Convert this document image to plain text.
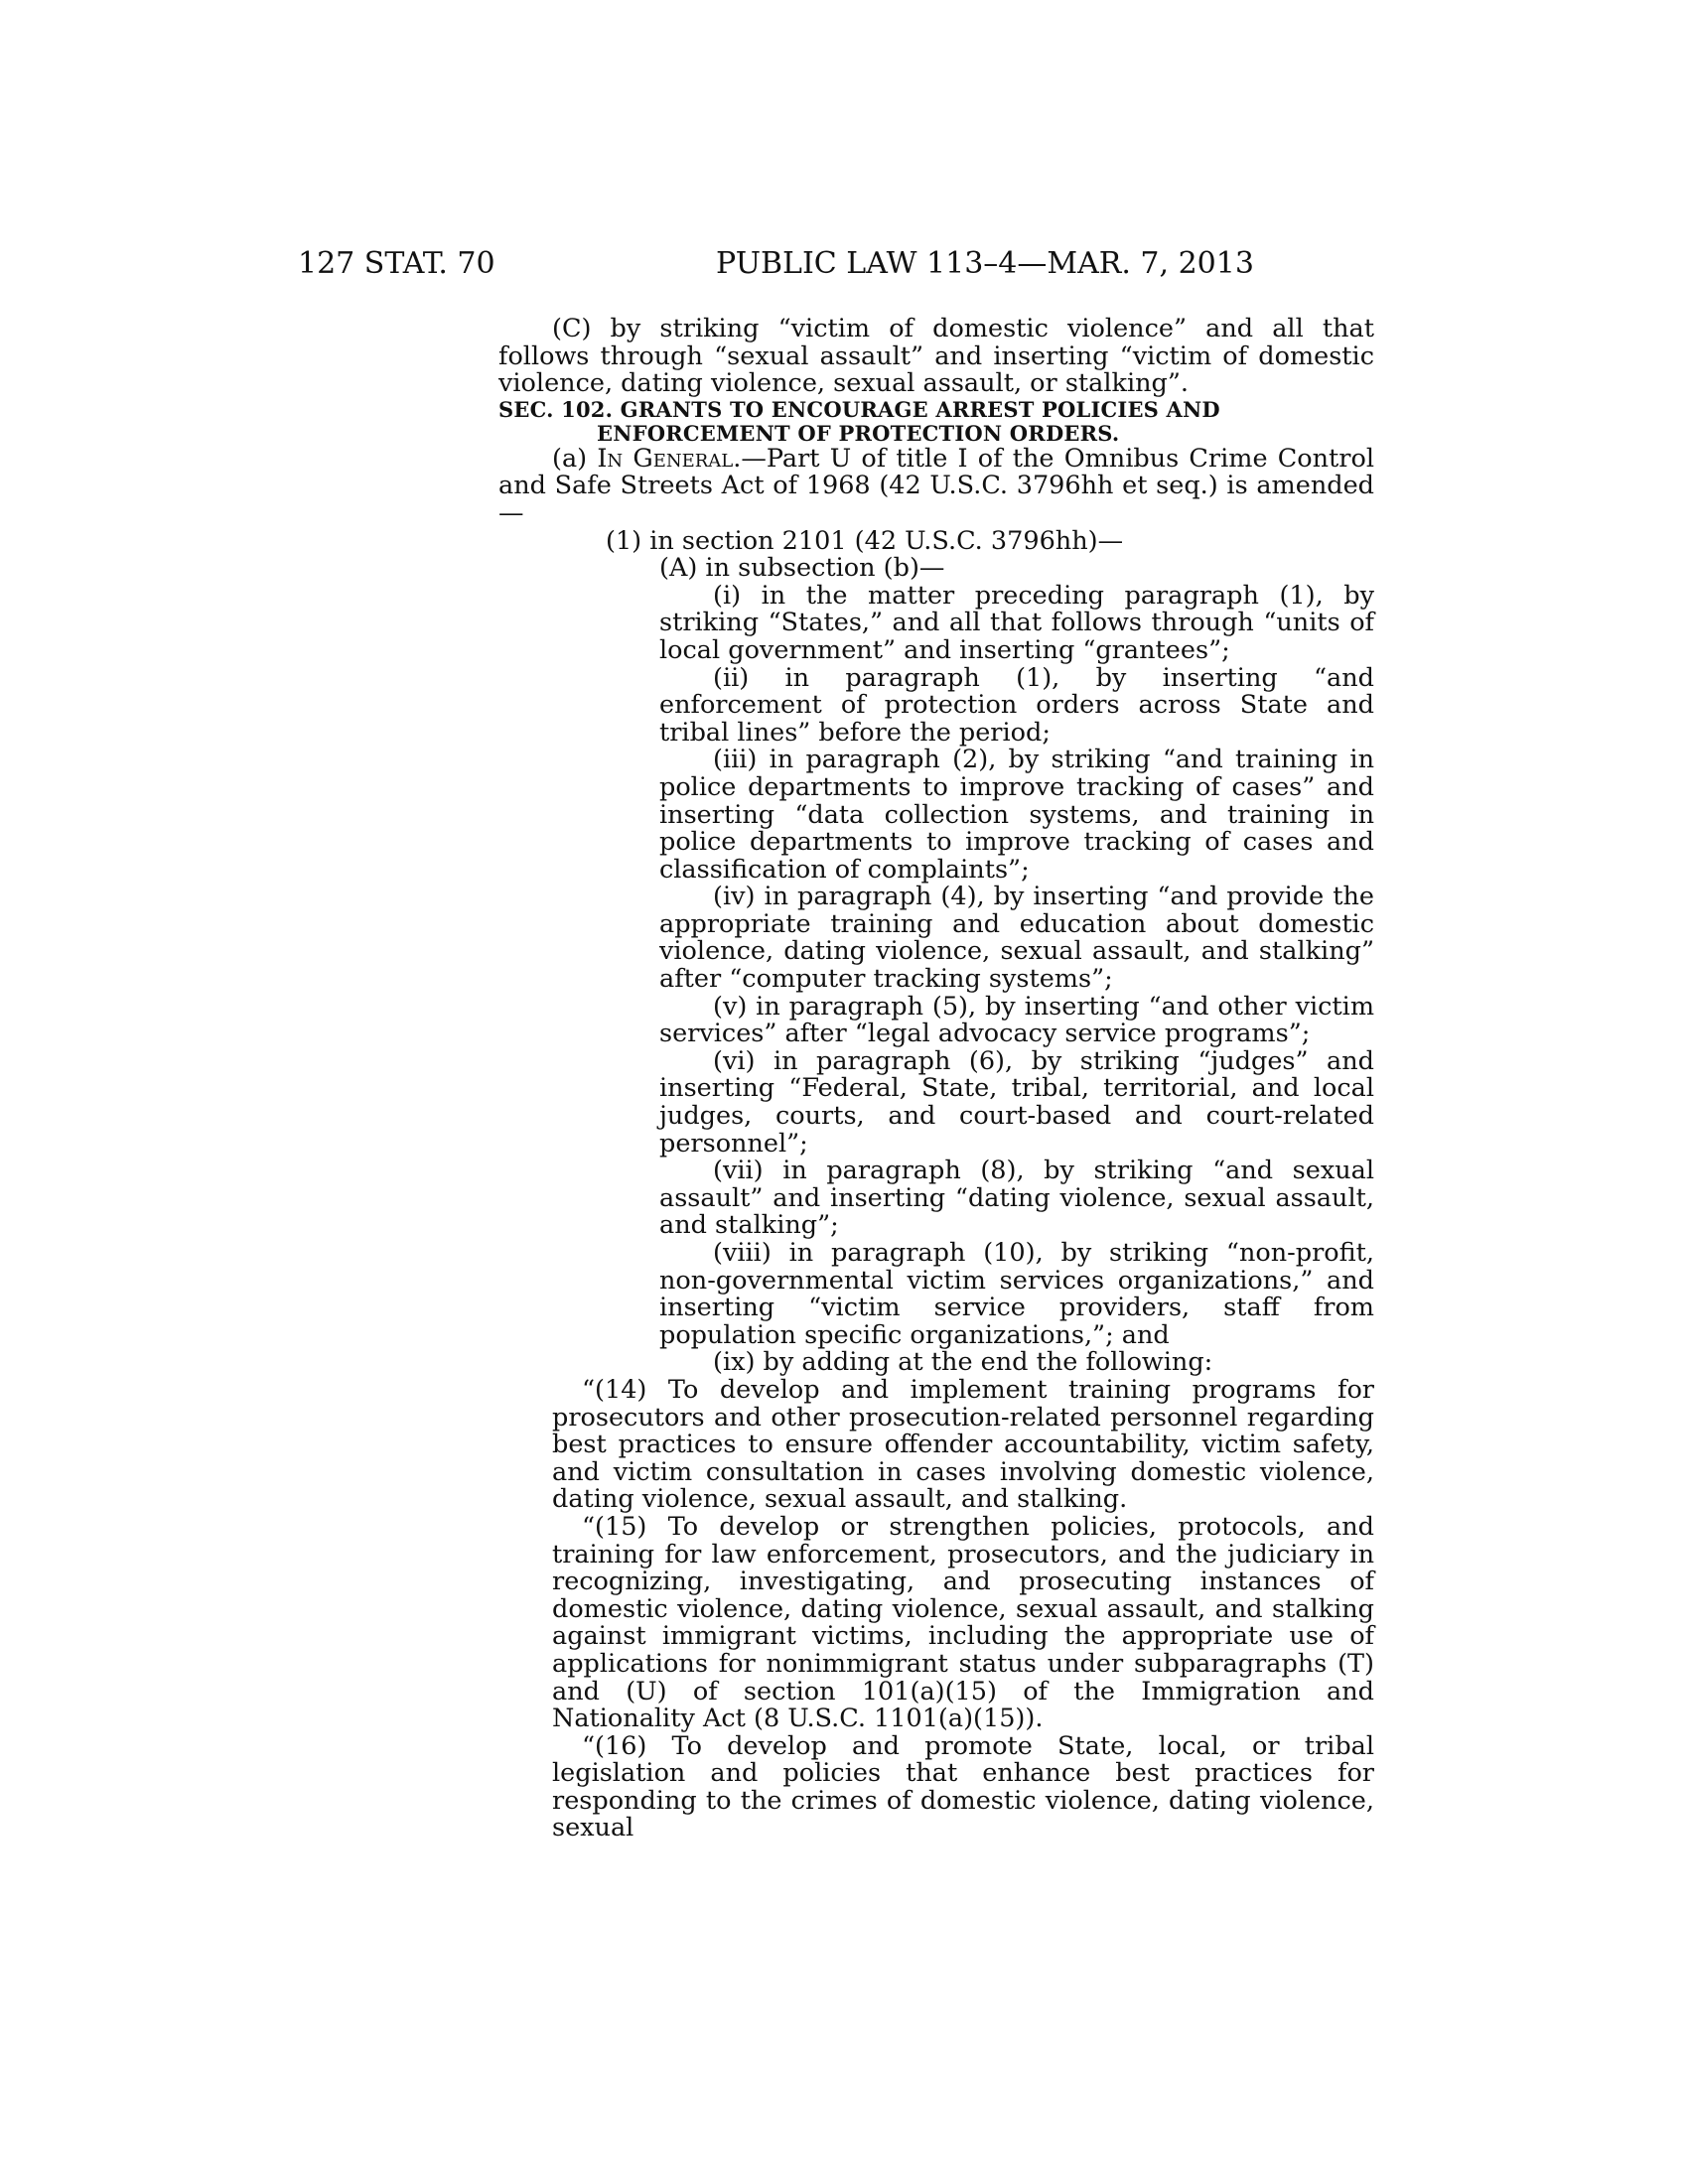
127 STAT. 70	PUBLIC LAW 113–4—MAR. 7, 2013

(C) by striking “victim of domestic violence” and all that follows through “sexual assault” and inserting “victim of domestic violence, dating violence, sexual assault, or stalking”.

SEC. 102. GRANTS TO ENCOURAGE ARREST POLICIES AND ENFORCEMENT OF PROTECTION ORDERS.

(a) In General.—Part U of title I of the Omnibus Crime Control and Safe Streets Act of 1968 (42 U.S.C. 3796hh et seq.) is amended—

(1) in section 2101 (42 U.S.C. 3796hh)—

(A) in subsection (b)—

(i) in the matter preceding paragraph (1), by striking “States,” and all that follows through “units of local government” and inserting “grantees”;

(ii) in paragraph (1), by inserting “and enforcement of protection orders across State and tribal lines” before the period;

(iii) in paragraph (2), by striking “and training in police departments to improve tracking of cases” and inserting “data collection systems, and training in police departments to improve tracking of cases and classification of complaints”;

(iv) in paragraph (4), by inserting “and provide the appropriate training and education about domestic violence, dating violence, sexual assault, and stalking” after “computer tracking systems”;

(v) in paragraph (5), by inserting “and other victim services” after “legal advocacy service programs”;

(vi) in paragraph (6), by striking “judges” and inserting “Federal, State, tribal, territorial, and local judges, courts, and court-based and court-related personnel”;

(vii) in paragraph (8), by striking “and sexual assault” and inserting “dating violence, sexual assault, and stalking”;

(viii) in paragraph (10), by striking “non-profit, non-governmental victim services organizations,” and inserting “victim service providers, staff from population specific organizations,”; and

(ix) by adding at the end the following:

“(14) To develop and implement training programs for prosecutors and other prosecution-related personnel regarding best practices to ensure offender accountability, victim safety, and victim consultation in cases involving domestic violence, dating violence, sexual assault, and stalking.

“(15) To develop or strengthen policies, protocols, and training for law enforcement, prosecutors, and the judiciary in recognizing, investigating, and prosecuting instances of domestic violence, dating violence, sexual assault, and stalking against immigrant victims, including the appropriate use of applications for nonimmigrant status under subparagraphs (T) and (U) of section 101(a)(15) of the Immigration and Nationality Act (8 U.S.C. 1101(a)(15)).

“(16) To develop and promote State, local, or tribal legislation and policies that enhance best practices for responding to the crimes of domestic violence, dating violence, sexual
